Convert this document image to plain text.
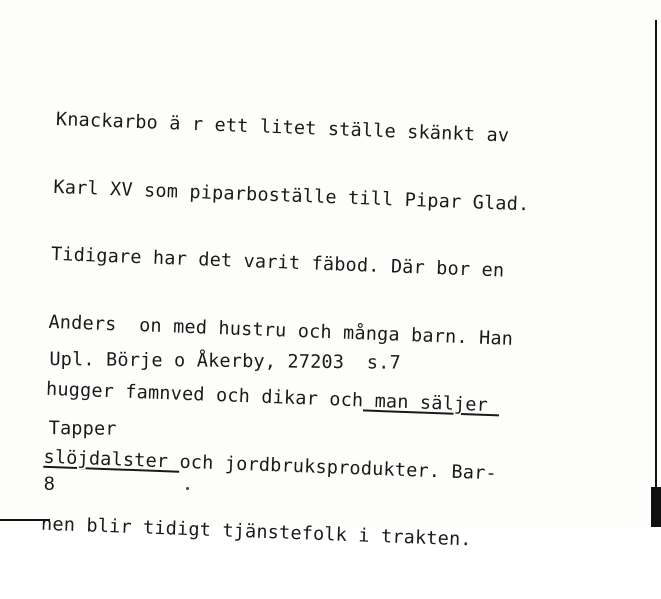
Knackarbo ä r ett litet ställe skänkt av

Karl XV som piparboställe till Pipar Glad.

Tidigare har det varit fäbod. Där bor en

Anders  on med hustru och många barn. Han

hugger famnved och dikar och man säljer

slöjdalster och jordbruksprodukter. Bar-

nen blir tidigt tjänstefolk i trakten.

Upl. Börje o Åkerby, 27203  s.7

Tapper

8
